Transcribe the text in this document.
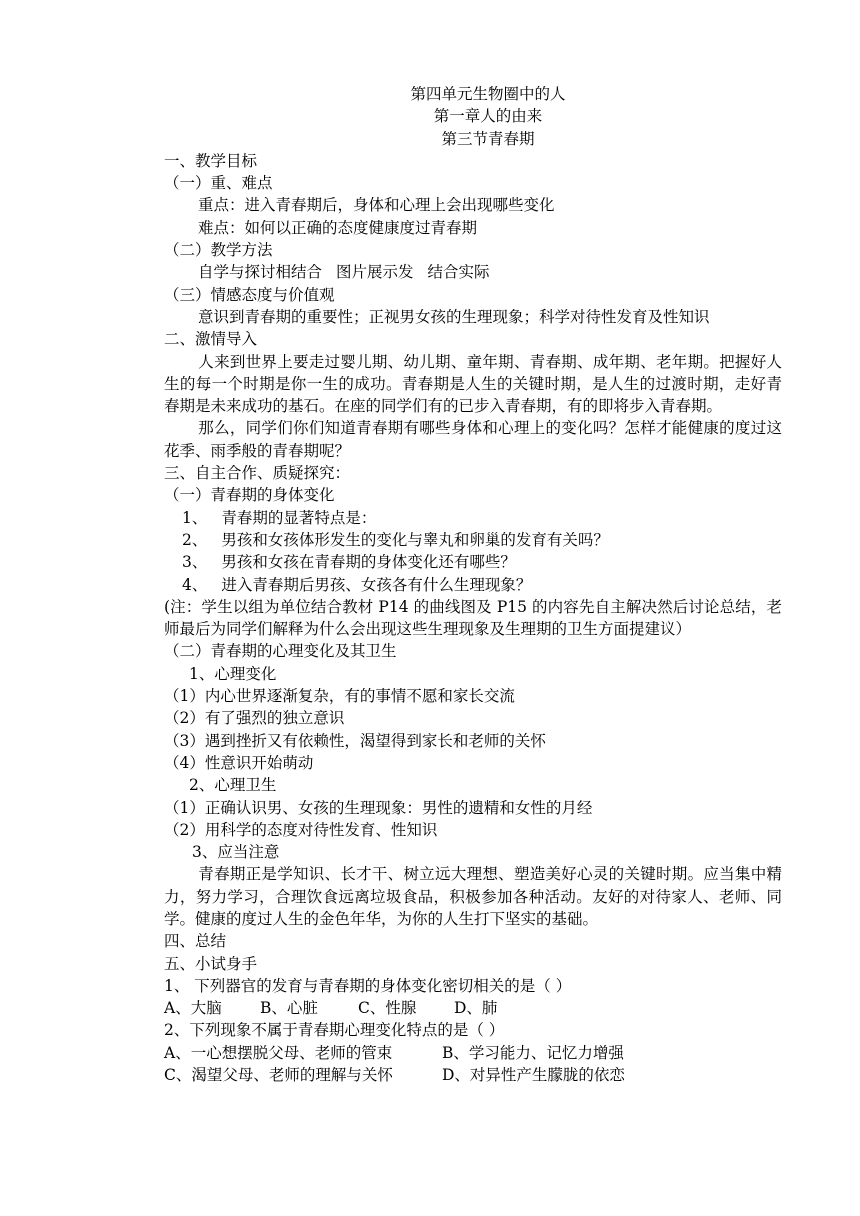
第四单元生物圈中的人
第一章人的由来
第三节青春期
一、教学目标
（一）重、难点
重点：进入青春期后，身体和心理上会出现哪些变化
难点：如何以正确的态度健康度过青春期
（二）教学方法
自学与探讨相结合 图片展示发 结合实际
（三）情感态度与价值观
意识到青春期的重要性；正视男女孩的生理现象；科学对待性发育及性知识
二、激情导入
人来到世界上要走过婴儿期、幼儿期、童年期、青春期、成年期、老年期。把握好人生的每一个时期是你一生的成功。青春期是人生的关键时期，是人生的过渡时期，走好青春期是未来成功的基石。在座的同学们有的已步入青春期，有的即将步入青春期。
那么，同学们你们知道青春期有哪些身体和心理上的变化吗？怎样才能健康的度过这花季、雨季般的青春期呢？
三、自主合作、质疑探究：
（一）青春期的身体变化
1、 青春期的显著特点是：
2、 男孩和女孩体形发生的变化与睾丸和卵巢的发育有关吗？
3、 男孩和女孩在青春期的身体变化还有哪些？
4、 进入青春期后男孩、女孩各有什么生理现象？
(注：学生以组为单位结合教材 P14 的曲线图及 P15 的内容先自主解决然后讨论总结，老师最后为同学们解释为什么会出现这些生理现象及生理期的卫生方面提建议）
（二）青春期的心理变化及其卫生
1、心理变化
（1）内心世界逐渐复杂，有的事情不愿和家长交流
（2）有了强烈的独立意识
（3）遇到挫折又有依赖性，渴望得到家长和老师的关怀
（4）性意识开始萌动
2、心理卫生
（1）正确认识男、女孩的生理现象：男性的遗精和女性的月经
（2）用科学的态度对待性发育、性知识
3、应当注意
青春期正是学知识、长才干、树立远大理想、塑造美好心灵的关键时期。应当集中精力，努力学习，合理饮食远离垃圾食品，积极参加各种活动。友好的对待家人、老师、同学。健康的度过人生的金色年华，为你的人生打下坚实的基础。
四、总结
五、小试身手
1、 下列器官的发育与青春期的身体变化密切相关的是（ ）
A、大脑 B、心脏	C、性腺 D、肺
2、下列现象不属于青春期心理变化特点的是（ ）
A、一心想摆脱父母、老师的管束	B、学习能力、记忆力增强
C、渴望父母、老师的理解与关怀	D、对异性产生朦胧的依恋
